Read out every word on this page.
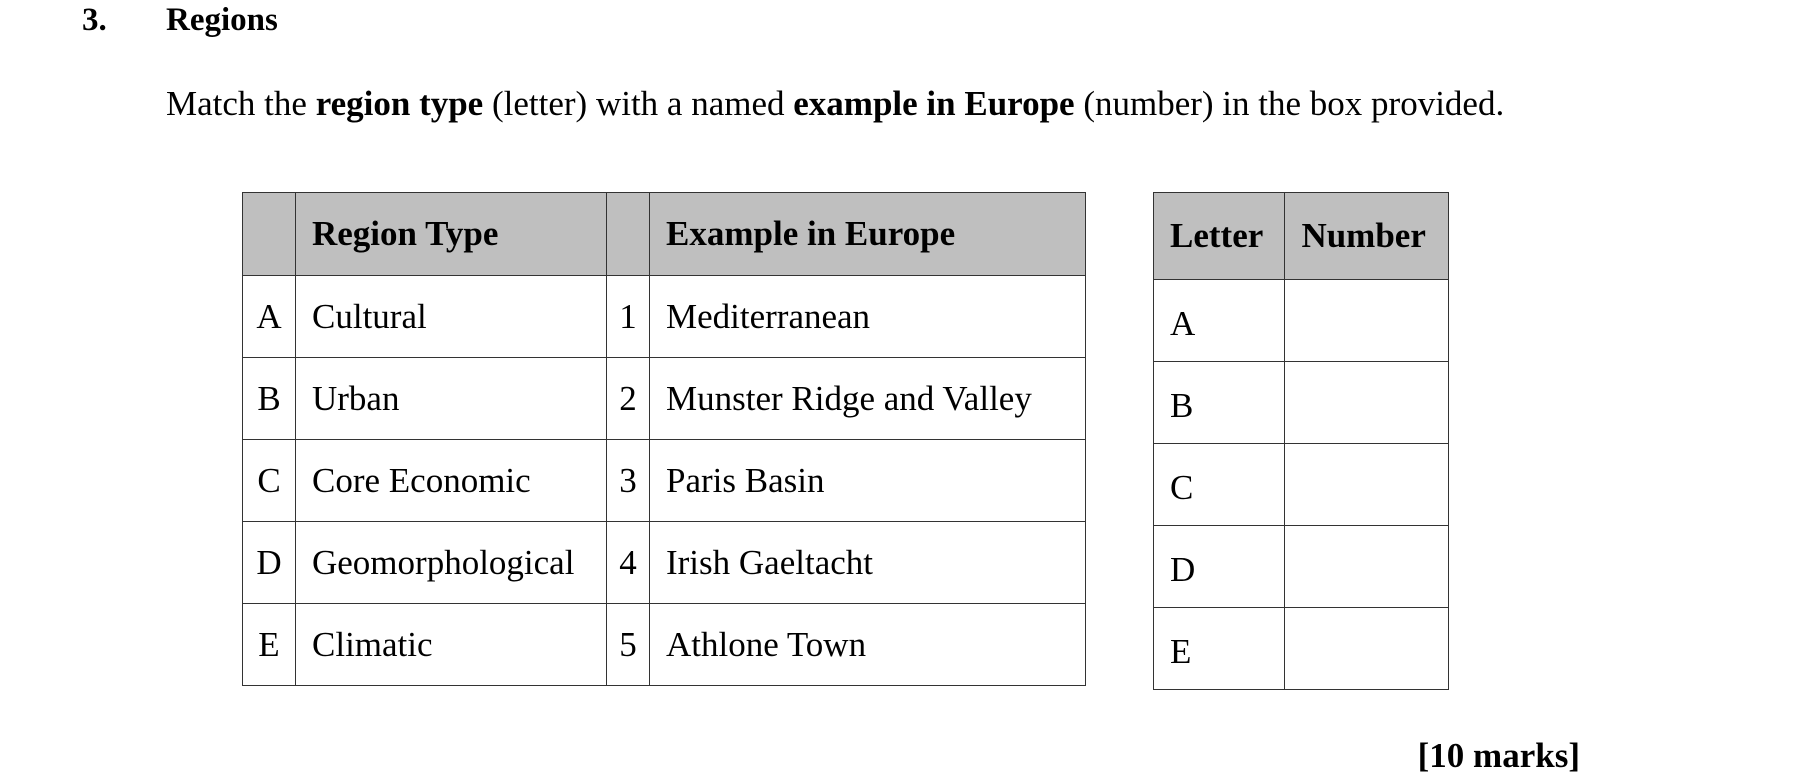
3. Regions
Match the region type (letter) with a named example in Europe (number) in the box provided.
	Region Type		Example in Europe
A	Cultural	1	Mediterranean
B	Urban	2	Munster Ridge and Valley
C	Core Economic	3	Paris Basin
D	Geomorphological	4	Irish Gaeltacht
E	Climatic	5	Athlone Town
Letter	Number
A	
B	
C	
D	
E	
[10 marks]
